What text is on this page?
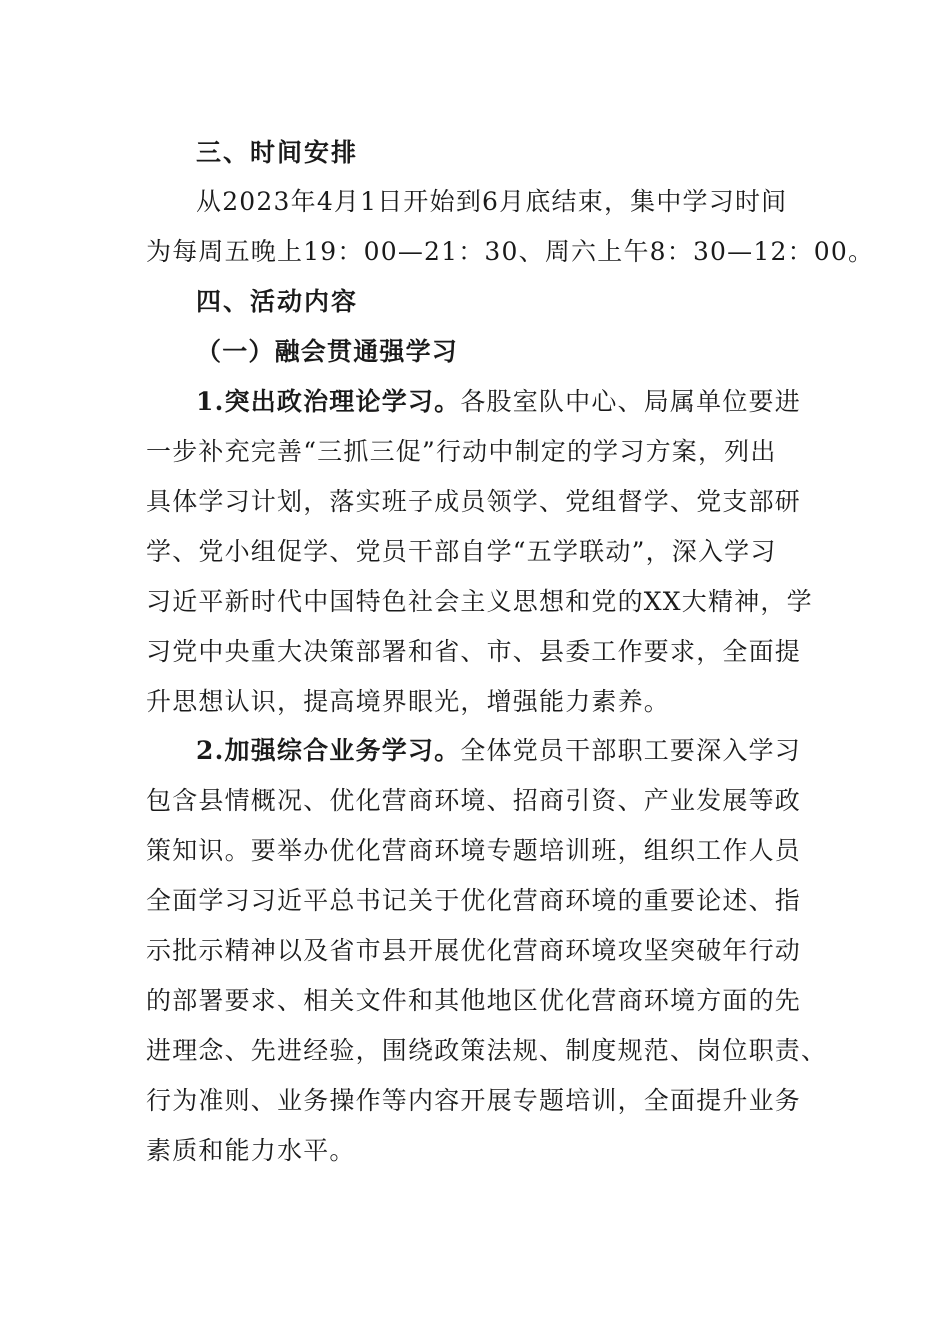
三、时间安排
从2023年4月1日开始到6月底结束，集中学习时间
为每周五晚上19：00—21：30、周六上午8：30—12：00。
四、活动内容
（一）融会贯通强学习
1.突出政治理论学习。各股室队中心、局属单位要进
一步补充完善“三抓三促”行动中制定的学习方案，列出
具体学习计划，落实班子成员领学、党组督学、党支部研
学、党小组促学、党员干部自学“五学联动”，深入学习
习近平新时代中国特色社会主义思想和党的XX大精神，学
习党中央重大决策部署和省、市、县委工作要求，全面提
升思想认识，提高境界眼光，增强能力素养。
2.加强综合业务学习。全体党员干部职工要深入学习
包含县情概况、优化营商环境、招商引资、产业发展等政
策知识。要举办优化营商环境专题培训班，组织工作人员
全面学习习近平总书记关于优化营商环境的重要论述、指
示批示精神以及省市县开展优化营商环境攻坚突破年行动
的部署要求、相关文件和其他地区优化营商环境方面的先
进理念、先进经验，围绕政策法规、制度规范、岗位职责、
行为准则、业务操作等内容开展专题培训，全面提升业务
素质和能力水平。
